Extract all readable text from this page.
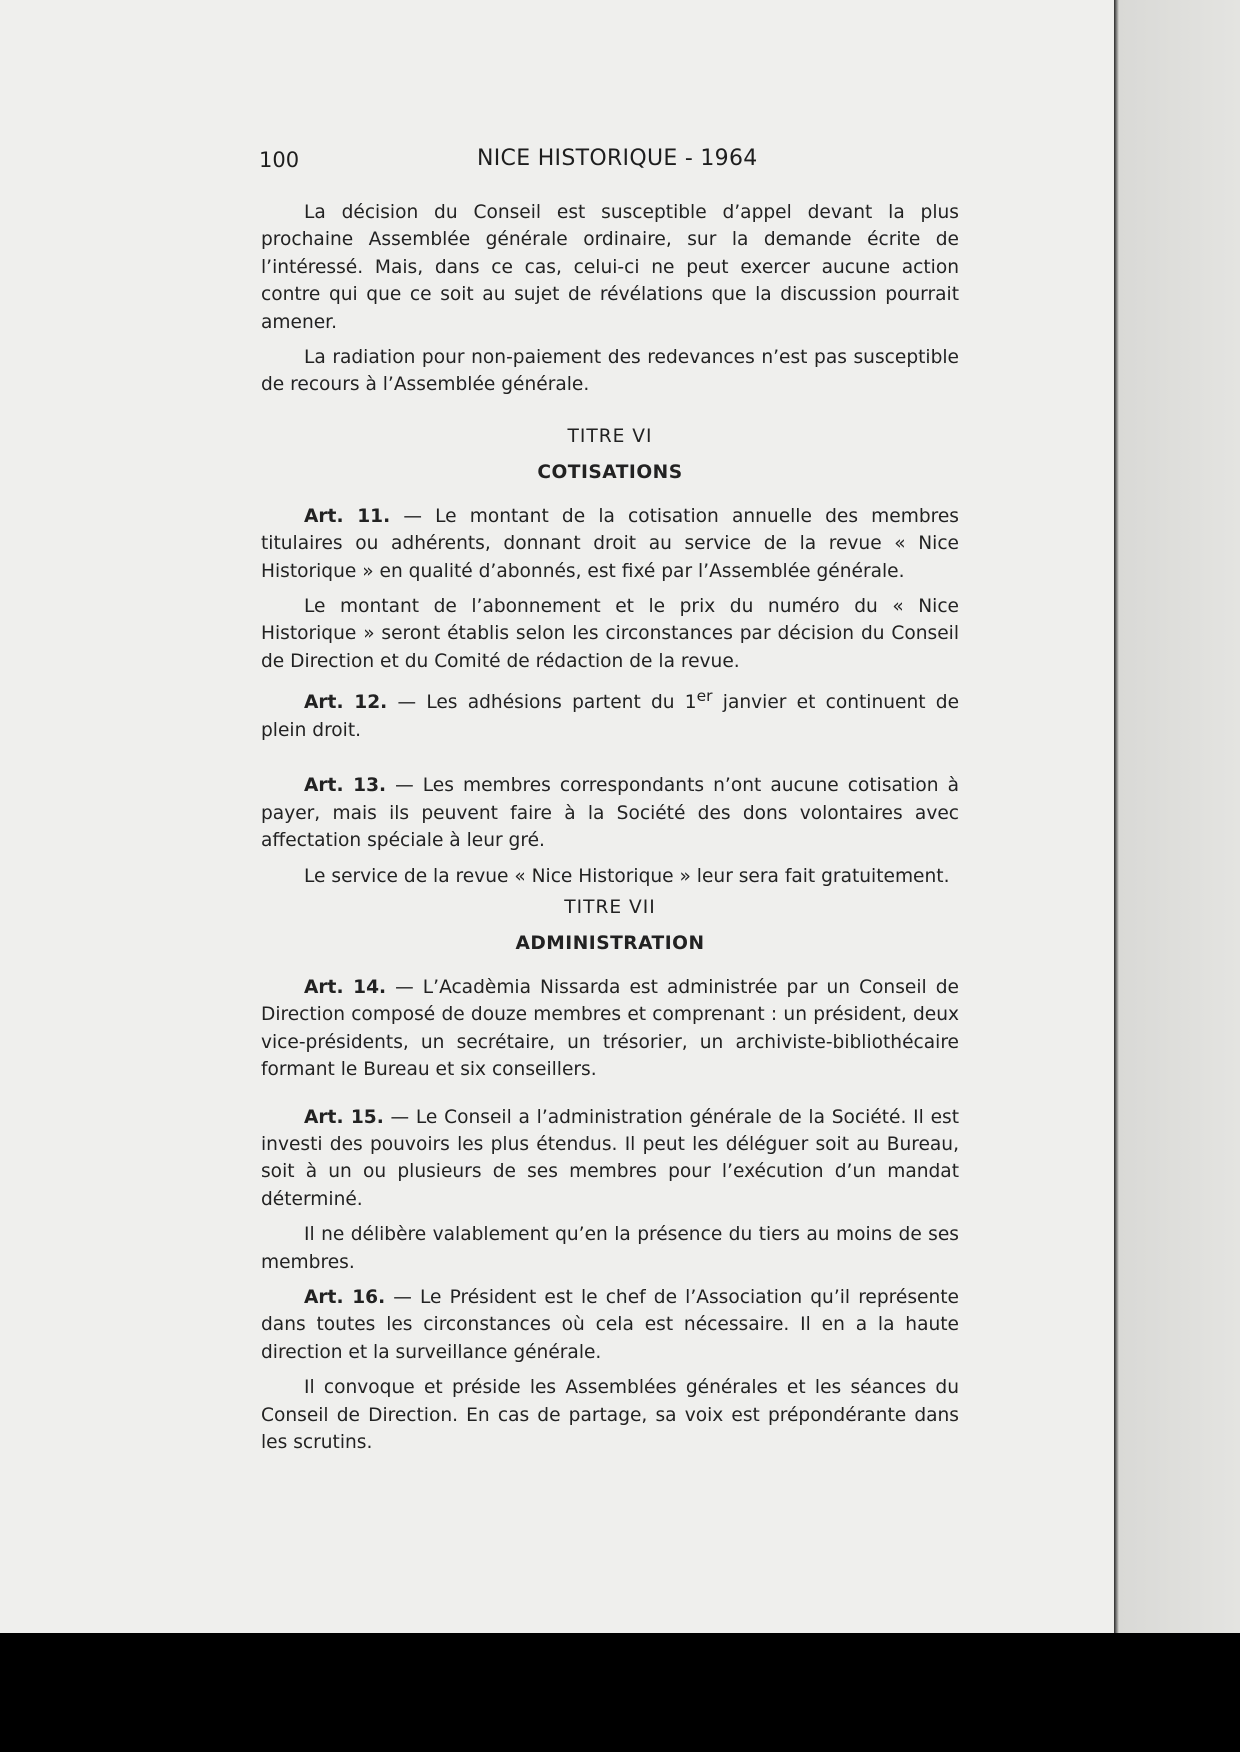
100	NICE HISTORIQUE - 1964

La décision du Conseil est susceptible d’appel devant la plus prochaine Assemblée générale ordinaire, sur la demande écrite de l’intéressé. Mais, dans ce cas, celui-ci ne peut exercer aucune action contre qui que ce soit au sujet de révélations que la discussion pourrait amener.

La radiation pour non-paiement des redevances n’est pas susceptible de recours à l’Assemblée générale.

TITRE VI
COTISATIONS

Art. 11. — Le montant de la cotisation annuelle des membres titulaires ou adhérents, donnant droit au service de la revue « Nice Historique » en qualité d’abonnés, est fixé par l’Assemblée générale.

Le montant de l’abonnement et le prix du numéro du « Nice Historique » seront établis selon les circonstances par décision du Conseil de Direction et du Comité de rédaction de la revue.

Art. 12. — Les adhésions partent du 1er janvier et continuent de plein droit.

Art. 13. — Les membres correspondants n’ont aucune cotisation à payer, mais ils peuvent faire à la Société des dons volontaires avec affectation spéciale à leur gré.

Le service de la revue « Nice Historique » leur sera fait gratuitement.

TITRE VII
ADMINISTRATION

Art. 14. — L’Acadèmia Nissarda est administrée par un Conseil de Direction composé de douze membres et comprenant : un président, deux vice-présidents, un secrétaire, un trésorier, un archiviste-bibliothécaire formant le Bureau et six conseillers.

Art. 15. — Le Conseil a l’administration générale de la Société. Il est investi des pouvoirs les plus étendus. Il peut les déléguer soit au Bureau, soit à un ou plusieurs de ses membres pour l’exécution d’un mandat déterminé.

Il ne délibère valablement qu’en la présence du tiers au moins de ses membres.

Art. 16. — Le Président est le chef de l’Association qu’il représente dans toutes les circonstances où cela est nécessaire. Il en a la haute direction et la surveillance générale.

Il convoque et préside les Assemblées générales et les séances du Conseil de Direction. En cas de partage, sa voix est prépondérante dans les scrutins.
